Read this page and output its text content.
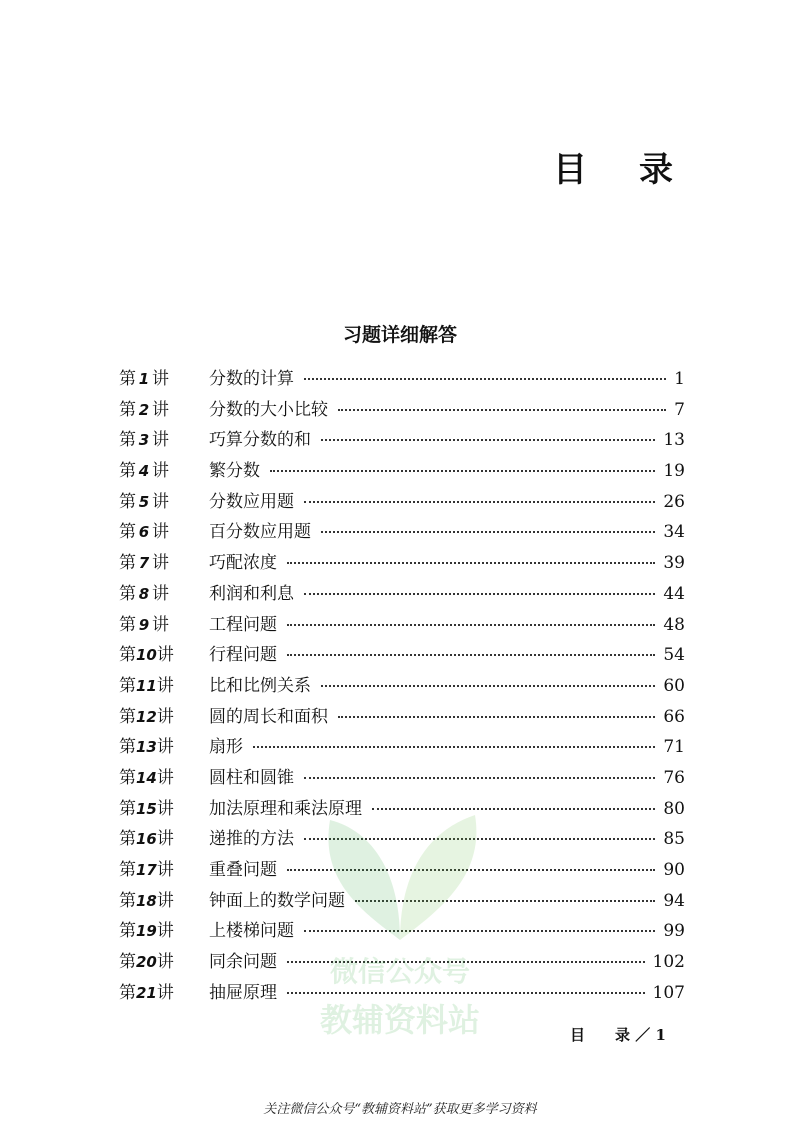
目 录
习题详细解答
第 1 讲	分数的计算	1
第 2 讲	分数的大小比较	7
第 3 讲	巧算分数的和	13
第 4 讲	繁分数	19
第 5 讲	分数应用题	26
第 6 讲	百分数应用题	34
第 7 讲	巧配浓度	39
第 8 讲	利润和利息	44
第 9 讲	工程问题	48
第10讲	行程问题	54
第11讲	比和比例关系	60
第12讲	圆的周长和面积	66
第13讲	扇形	71
第14讲	圆柱和圆锥	76
第15讲	加法原理和乘法原理	80
第16讲	递推的方法	85
第17讲	重叠问题	90
第18讲	钟面上的数学问题	94
第19讲	上楼梯问题	99
第20讲	同余问题	102
第21讲	抽屉原理	107
微信公众号
教辅资料站	目　　录 ／ 1
关注微信公众号“教辅资料站”获取更多学习资料
